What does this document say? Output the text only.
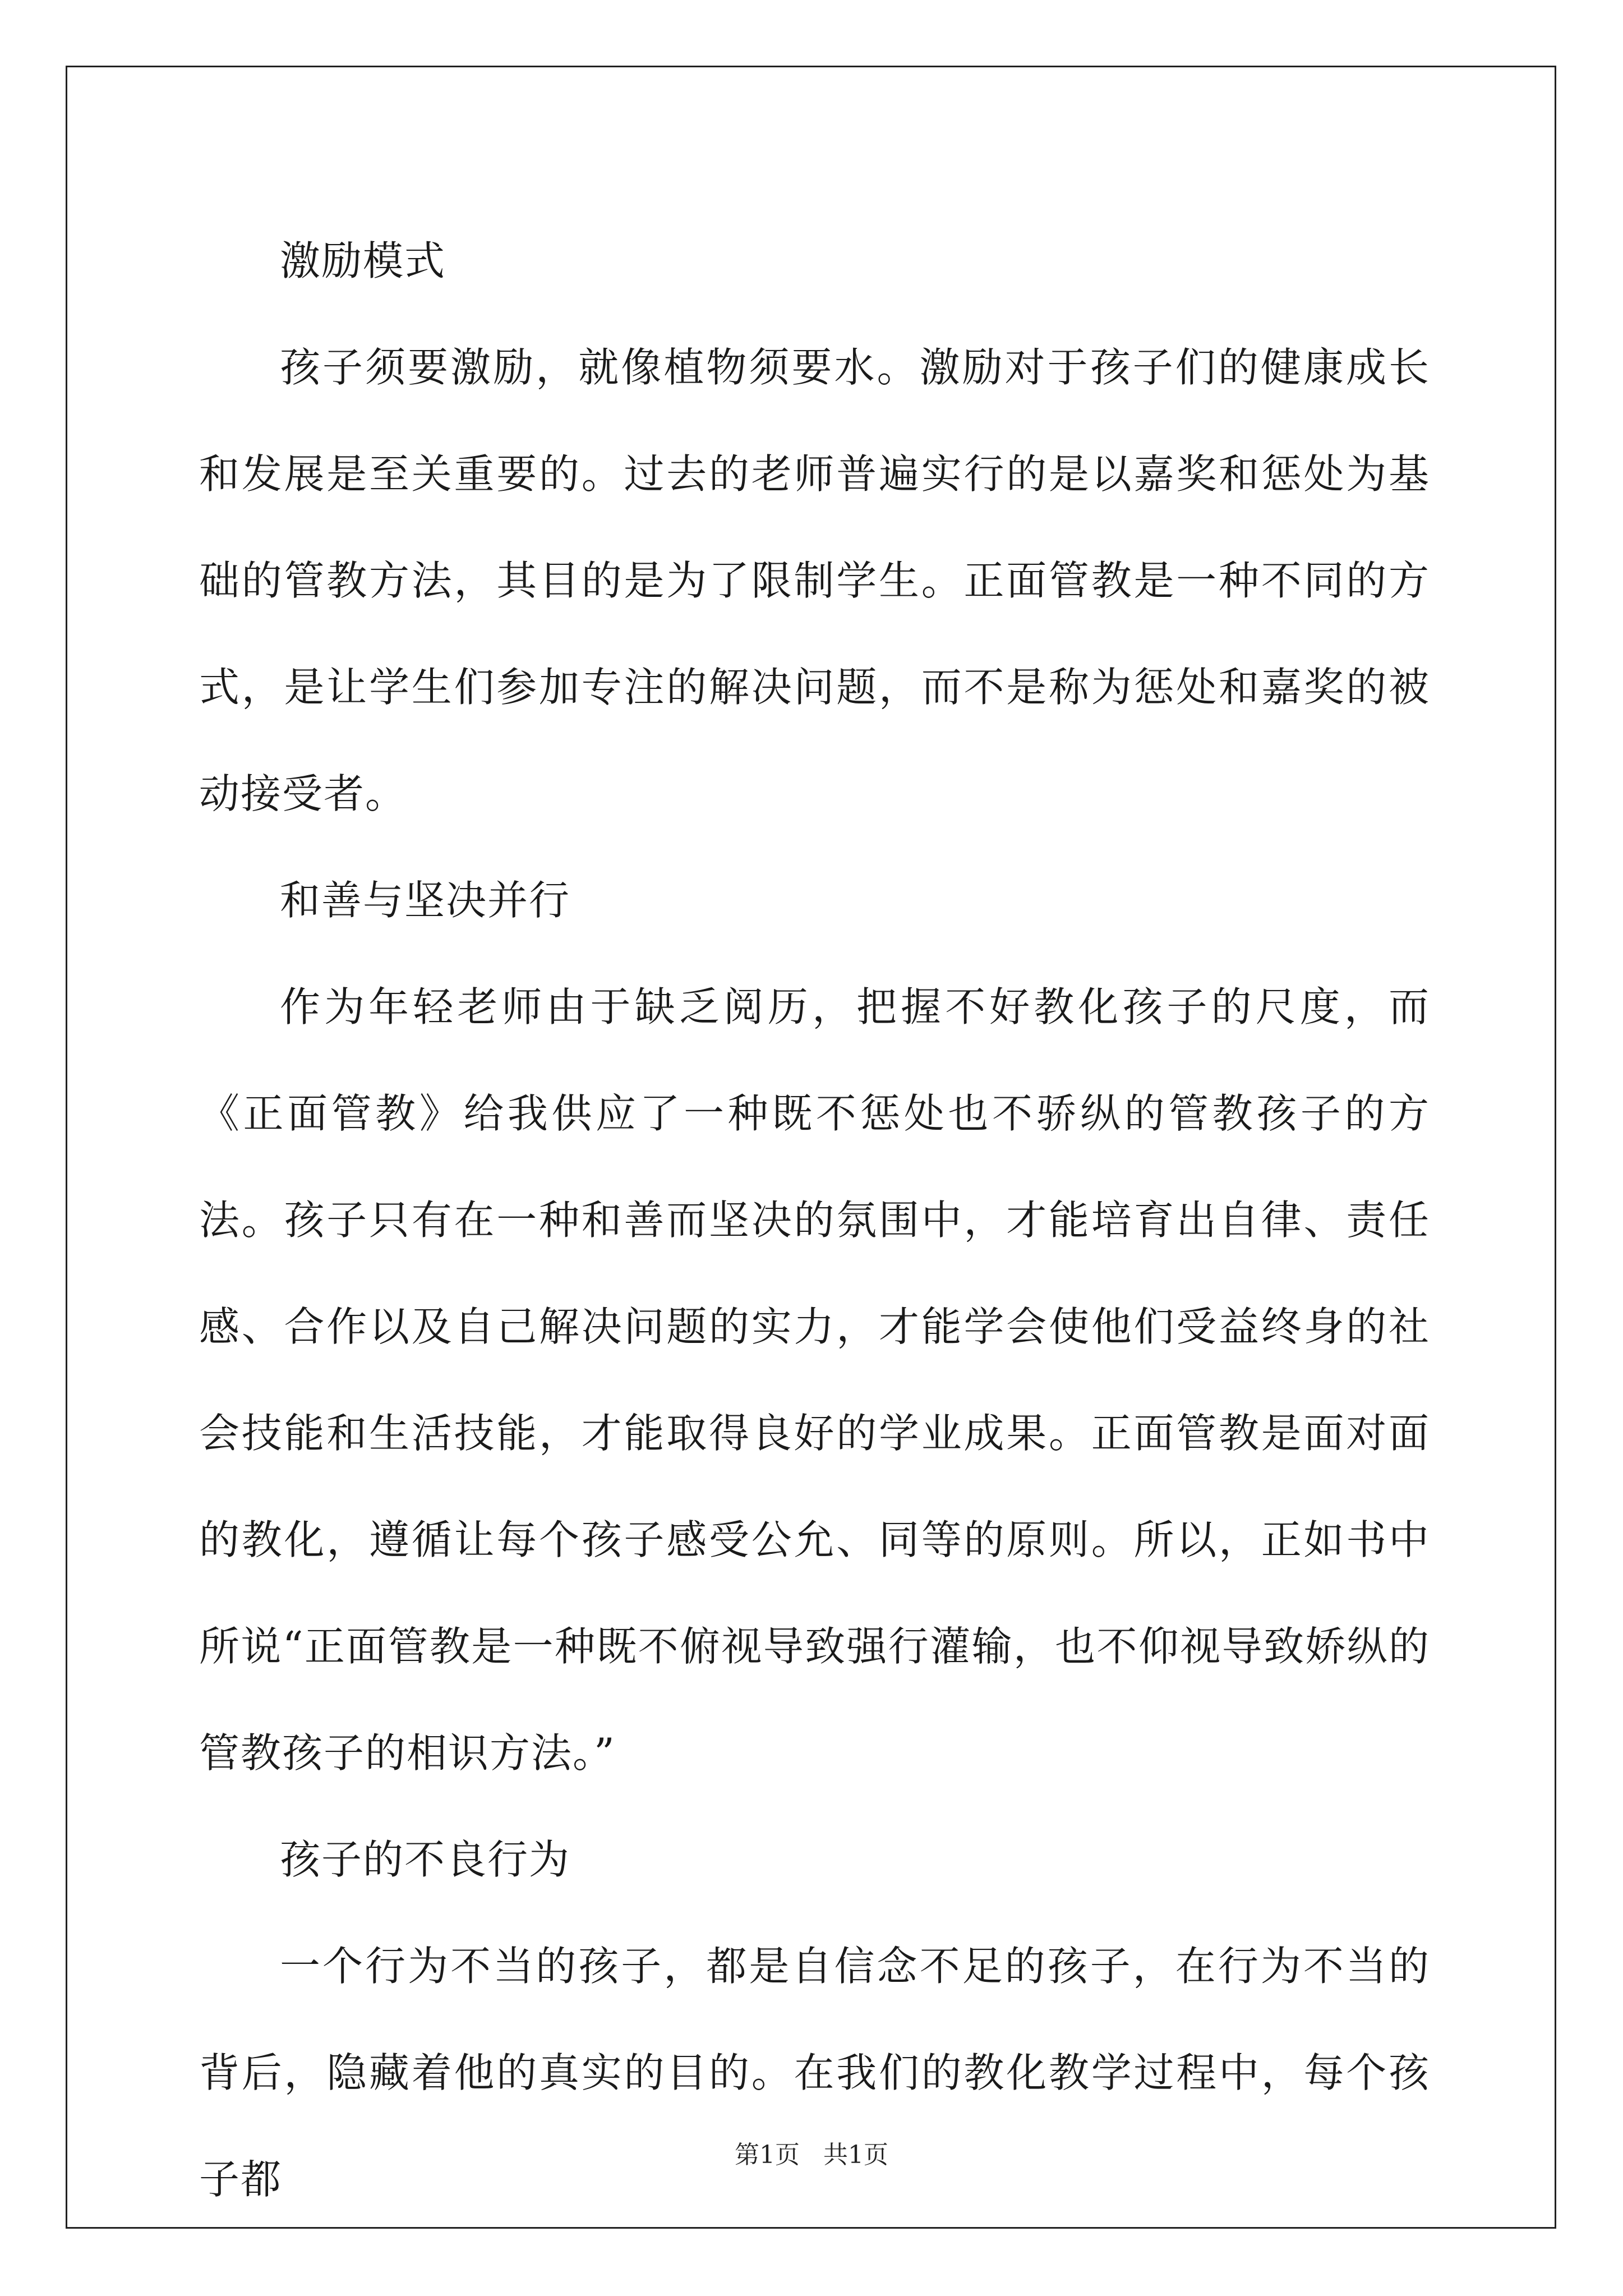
激励模式

孩子须要激励，就像植物须要水。激励对于孩子们的健康成长和发展是至关重要的。过去的老师普遍实行的是以嘉奖和惩处为基础的管教方法，其目的是为了限制学生。正面管教是一种不同的方式，是让学生们参加专注的解决问题，而不是称为惩处和嘉奖的被动接受者。

和善与坚决并行

作为年轻老师由于缺乏阅历，把握不好教化孩子的尺度，而《正面管教》给我供应了一种既不惩处也不骄纵的管教孩子的方法。孩子只有在一种和善而坚决的氛围中，才能培育出自律、责任感、合作以及自己解决问题的实力，才能学会使他们受益终身的社会技能和生活技能，才能取得良好的学业成果。正面管教是面对面的教化，遵循让每个孩子感受公允、同等的原则。所以，正如书中所说“正面管教是一种既不俯视导致强行灌输，也不仰视导致娇纵的管教孩子的相识方法。”

孩子的不良行为

一个行为不当的孩子，都是自信念不足的孩子，在行为不当的背后，隐藏着他的真实的目的。在我们的教化教学过程中，每个孩子都

第1页 共1页
